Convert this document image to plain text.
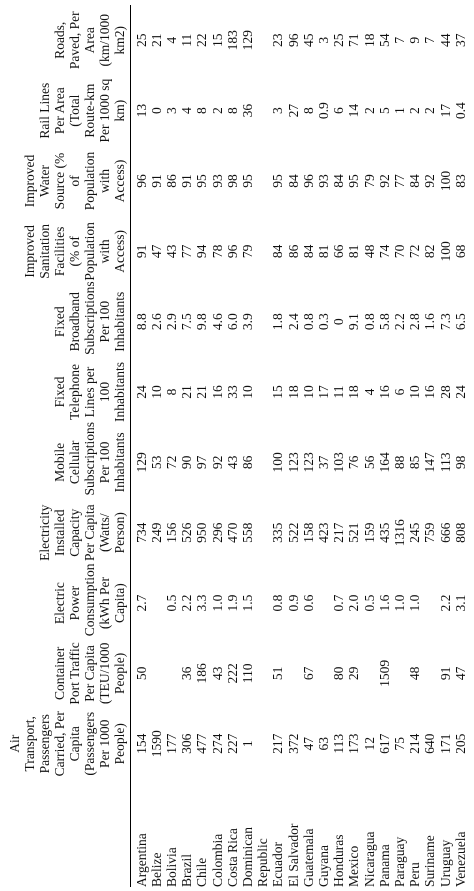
	Air Transport, Passengers Carried, Per Capita (Passengers Per 1000 People)	Container Port Traffic Per Capita (TEU/1000 People)	Electric Power Consumption (kWh Per Capita)	Electricity Installed Capacity Per Capita (Watts/ Person)	Mobile Cellular Subscriptions Per 100 Inhabitants	Fixed Telephone Lines per 100 Inhabitants	Fixed Broadband Subscriptions Per 100 Inhabitants	Improved Sanitation Facilities (% of Population with Access)	Improved Water Source (% of Population with Access)	Rail Lines Per Area (Total Route-km Per 1000 sq km)	Roads, Paved, Per Area (km/1000 km2)
Argentina	154	50	2.7	734	129	24	8.8	91	96	13	25
Belize	1590			249	53	10	2.6	47	91	0	21
Bolivia	177		0.5	156	72	8	2.9	43	86	3	4
Brazil	306	36	2.2	526	90	21	7.5	77	91	4	11
Chile	477	186	3.3	950	97	21	9.8	94	95	8	22
Colombia	274	43	1.0	296	92	16	4.6	78	93	2	15
Costa Rica	227	222	1.9	470	43	33	6.0	96	98	8	183
Dominican	1	110	1.5	558	86	10	3.9	79	95	36	129
Republic											
Ecuador	217	51	0.8	335	100	15	1.8	84	95	3	23
El Salvador	372		0.9	522	123	18	2.4	86	84	27	96
Guatemala	47	67	0.6	158	123	10	0.8	84	96	8	45
Guyana	63			423	37	17	0.3	81	93	0.9	3
Honduras	113	80	0.7	217	103	11	0	66	84	6	25
Mexico	173	29	2.0	521	76	18	9.1	81	95	14	71
Nicaragua	12		0.5	159	56	4	0.8	48	79	2	18
Panama	617	1509	1.6	435	164	16	5.8	74	92	5	54
Paraguay	75		1.0	1316	88	6	2.2	70	77	1	7
Peru	214	48	1.0	245	85	10	2.8	72	84	2	9
Suriname	640			759	147	16	1.6	82	92	2	7
Uruguay	171	91	2.2	666	113	28	7.3	100	100	17	44
Venezuela	205	47	3.1	808	98	24	6.5	68	83	0.4	37
